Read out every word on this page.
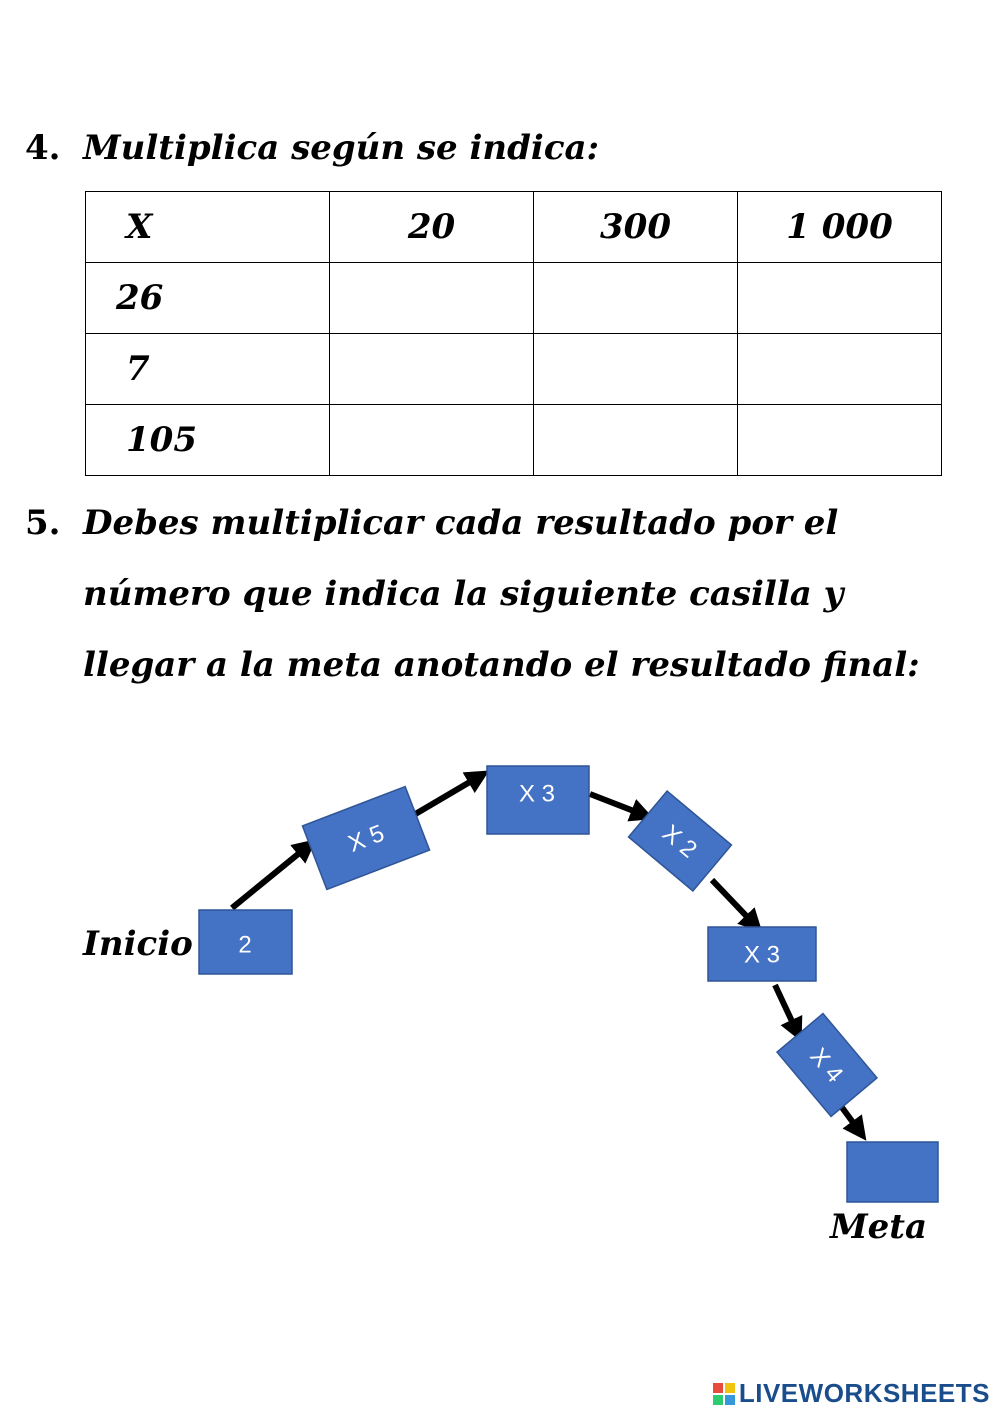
4. Multiplica según se indica:
X	20	300	1 000
26			
7			
105			
5. Debes multiplicar cada resultado por el
número que indica la siguiente casilla y
llegar a la meta anotando el resultado final:
2
X 5
X 3
X 2
X 3
X 4
Inicio
Meta
LIVEWORKSHEETS
